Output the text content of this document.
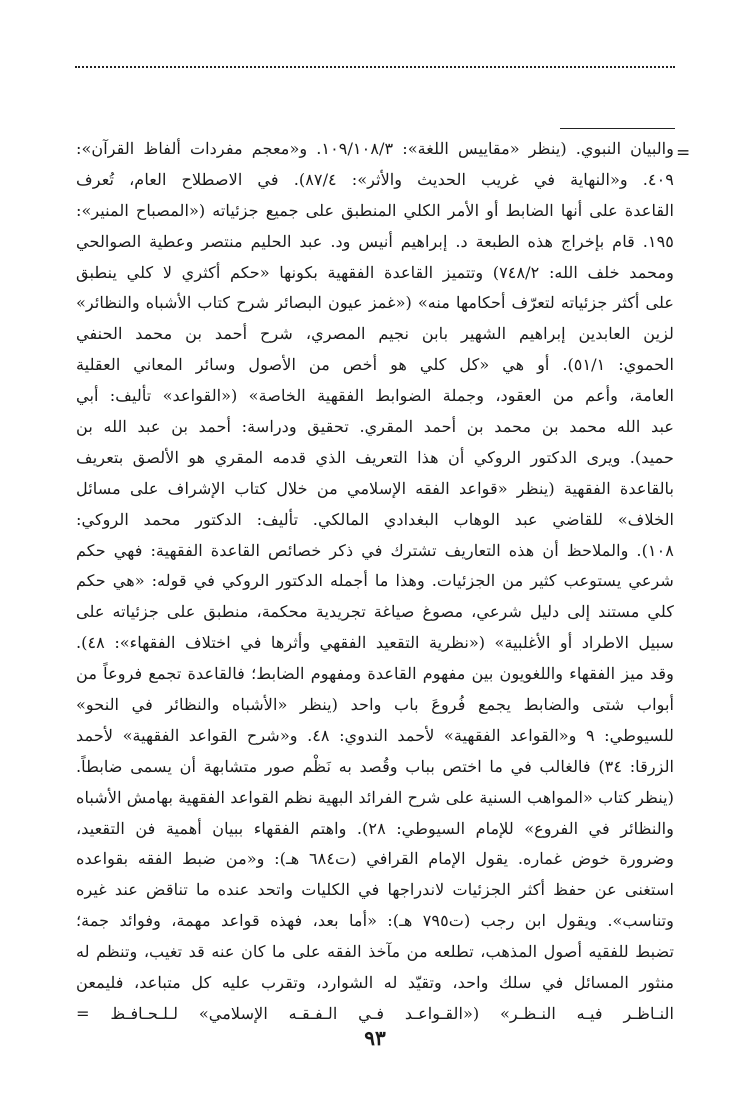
=
والبيان النبوي. (ينظر «مقاييس اللغة»: ١٠٩/١٠٨/٣. و«معجم مفردات ألفاظ القرآن»:
٤٠٩. و«النهاية في غريب الحديث والأثر»: ٨٧/٤). في الاصطلاح العام، تُعرف
القاعدة على أنها الضابط أو الأمر الكلي المنطبق على جميع جزئياته («المصباح المنير»:
١٩٥. قام بإخراج هذه الطبعة د. إبراهيم أنيس ود. عبد الحليم منتصر وعطية الصوالحي
ومحمد خلف الله: ٧٤٨/٢) وتتميز القاعدة الفقهية بكونها «حكم أكثري لا كلي ينطبق
على أكثر جزئياته لتعرّف أحكامها منه» («غمز عيون البصائر شرح كتاب الأشباه والنظائر»
لزين العابدين إبراهيم الشهير بابن نجيم المصري، شرح أحمد بن محمد الحنفي
الحموي: ٥١/١). أو هي «كل كلي هو أخص من الأصول وسائر المعاني العقلية
العامة، وأعم من العقود، وجملة الضوابط الفقهية الخاصة» («القواعد» تأليف: أبي
عبد الله محمد بن محمد بن أحمد المقري. تحقيق ودراسة: أحمد بن عبد الله بن
حميد). ويرى الدكتور الروكي أن هذا التعريف الذي قدمه المقري هو الألصق بتعريف
بالقاعدة الفقهية (ينظر «قواعد الفقه الإسلامي من خلال كتاب الإشراف على مسائل
الخلاف» للقاضي عبد الوهاب البغدادي المالكي. تأليف: الدكتور محمد الروكي:
١٠٨). والملاحظ أن هذه التعاريف تشترك في ذكر خصائص القاعدة الفقهية: فهي حكم
شرعي يستوعب كثير من الجزئيات. وهذا ما أجمله الدكتور الروكي في قوله: «هي حكم
كلي مستند إلى دليل شرعي، مصوغ صياغة تجريدية محكمة، منطبق على جزئياته على
سبيل الاطراد أو الأغلبية» («نظرية التقعيد الفقهي وأثرها في اختلاف الفقهاء»: ٤٨).
وقد ميز الفقهاء واللغويون بين مفهوم القاعدة ومفهوم الضابط؛ فالقاعدة تجمع فروعاً من
أبواب شتى والضابط يجمع فُروعَ باب واحد (ينظر «الأشباه والنظائر في النحو»
للسيوطي: ٩ و«القواعد الفقهية» لأحمد الندوي: ٤٨. و«شرح القواعد الفقهية» لأحمد
الزرقا: ٣٤) فالغالب في ما اختص بباب وقُصد به نَظْم صور متشابهة أن يسمى ضابطاً.
(ينظر كتاب «المواهب السنية على شرح الفرائد البهية نظم القواعد الفقهية بهامش الأشباه
والنظائر في الفروع» للإمام السيوطي: ٢٨). واهتم الفقهاء ببيان أهمية فن التقعيد،
وضرورة خوض غماره. يقول الإمام القرافي (ت٦٨٤ هـ): و«من ضبط الفقه بقواعده
استغنى عن حفظ أكثر الجزئيات لاندراجها في الكليات واتحد عنده ما تناقض عند غيره
وتناسب». ويقول ابن رجب (ت٧٩٥ هـ): «أما بعد، فهذه قواعد مهمة، وفوائد جمة؛
تضبط للفقيه أصول المذهب، تطلعه من مآخذ الفقه على ما كان عنه قد تغيب، وتنظم له
منثور المسائل في سلك واحد، وتقيّد له الشوارد، وتقرب عليه كل متباعد، فليمعن
النـاظـر فيـه النـظـر» («القـواعـد فـي الـفـقـه الإسلامي» لـلـحـافـظ =
٩٣
